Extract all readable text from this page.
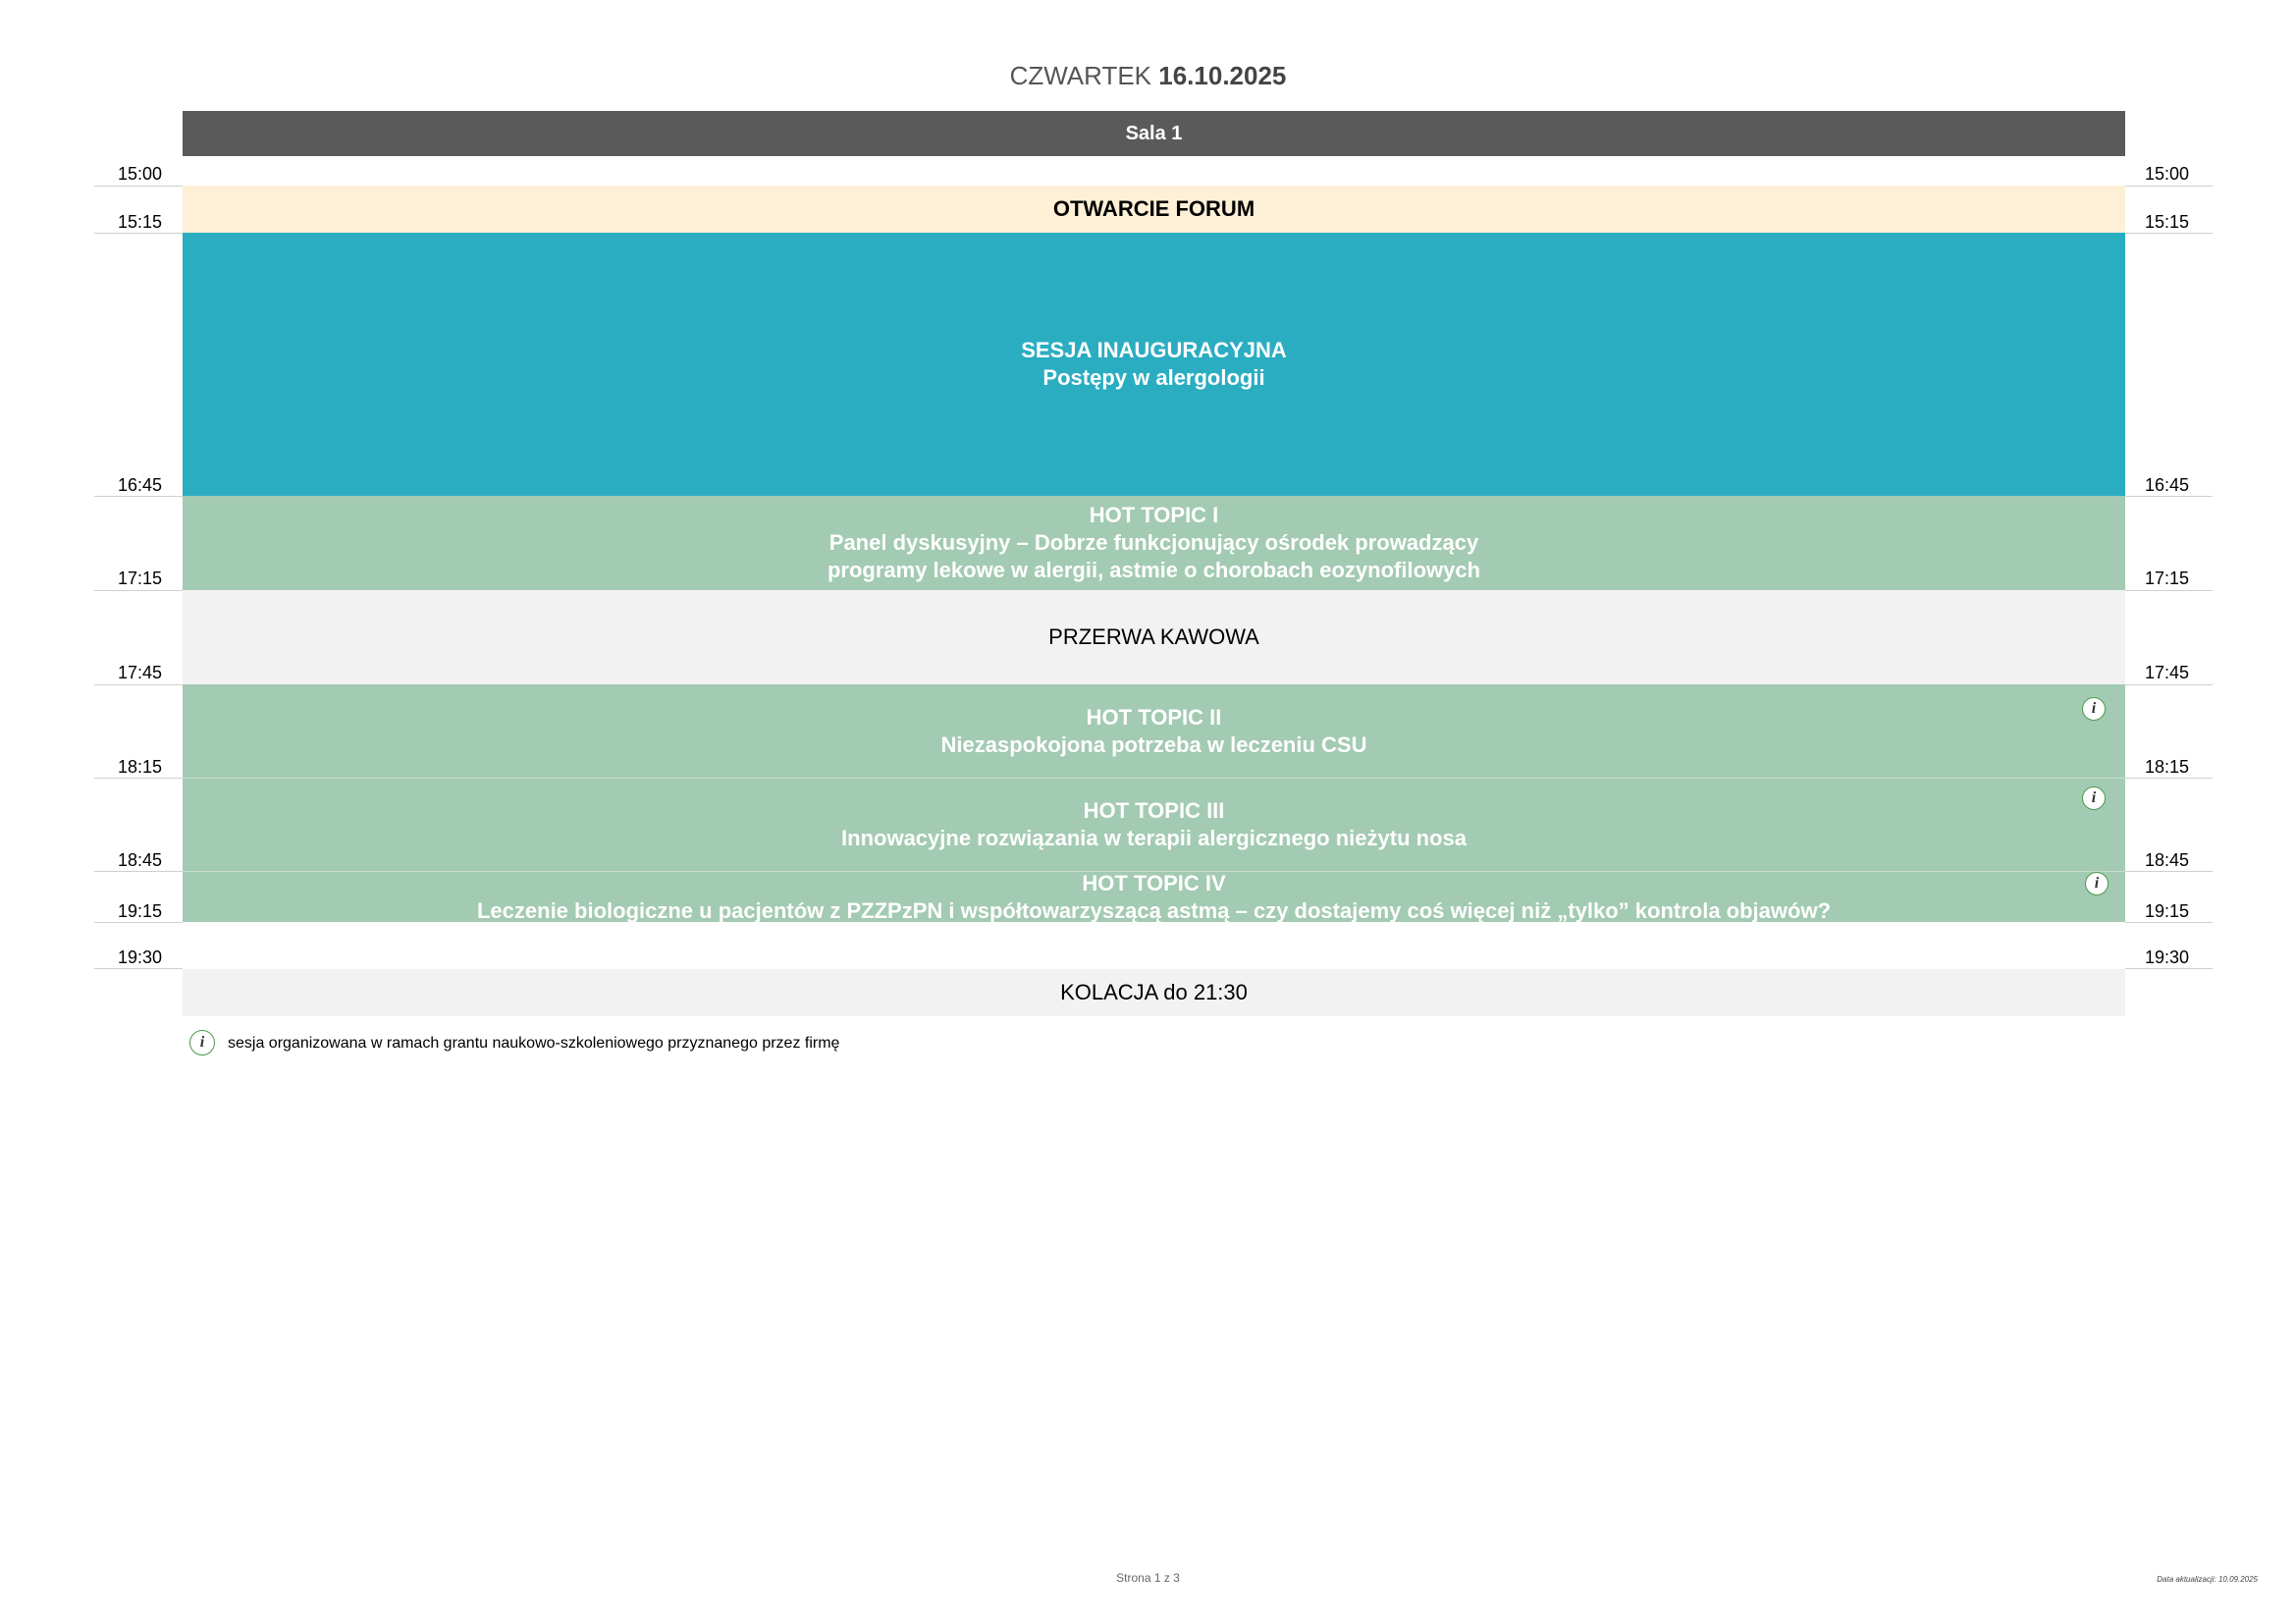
CZWARTEK 16.10.2025
Sala 1
15:00
15:15
16:45
17:15
17:45
18:15
18:45
19:15
19:30
15:00
15:15
16:45
17:15
17:45
18:15
18:45
19:15
19:30
OTWARCIE FORUM
SESJA INAUGURACYJNA
Postępy w alergologii
HOT TOPIC I
Panel dyskusyjny – Dobrze funkcjonujący ośrodek prowadzący
programy lekowe w alergii, astmie o chorobach eozynofilowych
PRZERWA KAWOWA
HOT TOPIC II
Niezaspokojona potrzeba w leczeniu CSU
HOT TOPIC III
Innowacyjne rozwiązania w terapii alergicznego nieżytu nosa
HOT TOPIC IV
Leczenie biologiczne u pacjentów z PZZPzPN i współtowarzyszącą astmą – czy dostajemy coś więcej niż „tylko” kontrola objawów?
i
i
i
KOLACJA do 21:30
i	sesja organizowana w ramach grantu naukowo-szkoleniowego przyznanego przez firmę
Strona 1 z 3	Data aktualizacji: 10.09.2025
